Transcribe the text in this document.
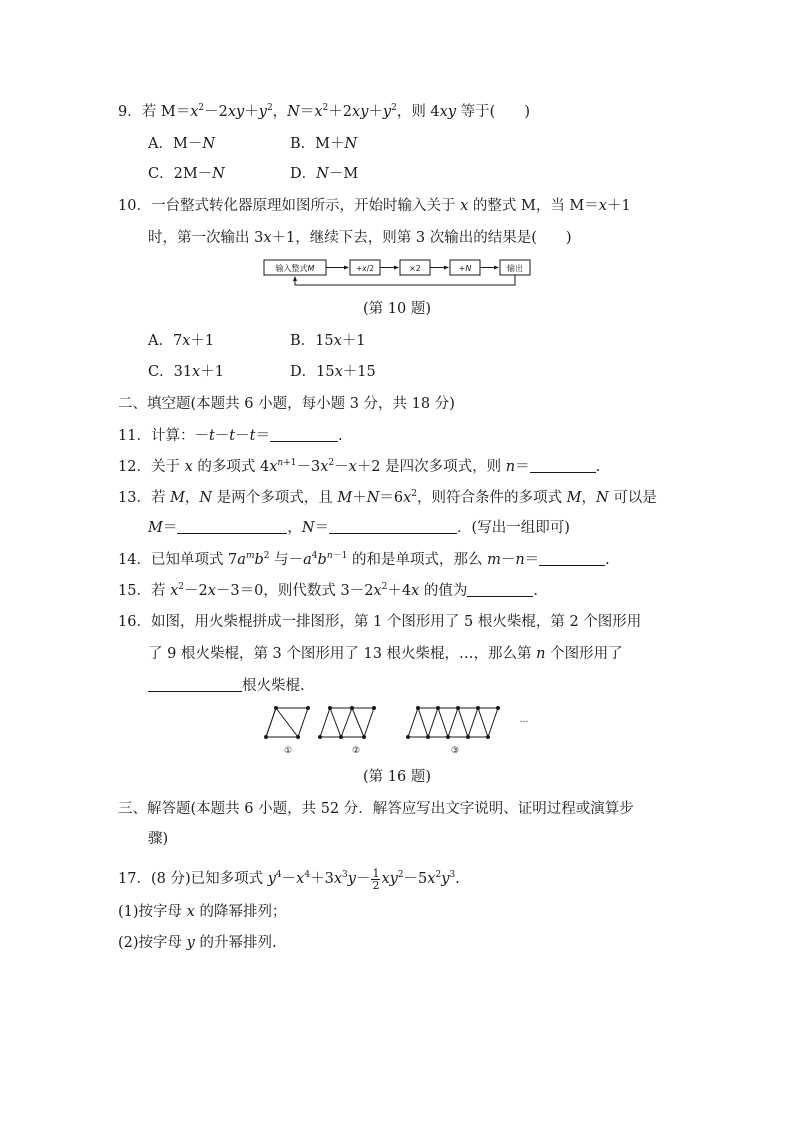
9．若 $M=x^2-2xy+y^2$，$N=x^2+2xy+y^2$，则 4xy 等于(　　)
A．M－N	B．M＋N
C．2M－N	D．N－M
10．一台整式转化器原理如图所示，开始时输入关于 x 的整式 M，当 M＝x＋1
时，第一次输出 3x＋1，继续下去，则第 3 次输出的结果是(　　)
输入整式M	+x/2	×2	+N	输出
(第 10 题)
A．7x＋1	B．15x＋1
C．31x＋1	D．15x＋15
二、填空题(本题共 6 小题，每小题 3 分，共 18 分)
11．计算：－t－t－t＝	.
12．关于 x 的多项式 $4x^{n+1}-3x^2-x+2$ 是四次多项式，则 n＝	.
13．若 M，N 是两个多项式，且 $M+N=6x^2$，则符合条件的多项式 M，N 可以是
M＝	，N＝	．(写出一组即可)
14．已知单项式 $7a^mb^2$ 与$-a^4b^{n-1}$ 的和是单项式，那么 m－n＝	.
15．若 $x^2-2x-3=0$，则代数式 $3-2x^2+4x$ 的值为	.
16．如图，用火柴棍拼成一排图形，第 1 个图形用了 5 根火柴棍，第 2 个图形用
了 9 根火柴棍，第 3 个图形用了 13 根火柴棍，…，那么第 n 个图形用了
根火柴棍.
①	②	③
…
(第 16 题)
三、解答题(本题共 6 小题，共 52 分．解答应写出文字说明、证明过程或演算步
骤)
17．(8 分)已知多项式 $y^4-x^4+3x^3y- \frac{1}{2} xy^2-5x^2y^3$.
(1)按字母 x 的降幂排列；
(2)按字母 y 的升幂排列.
